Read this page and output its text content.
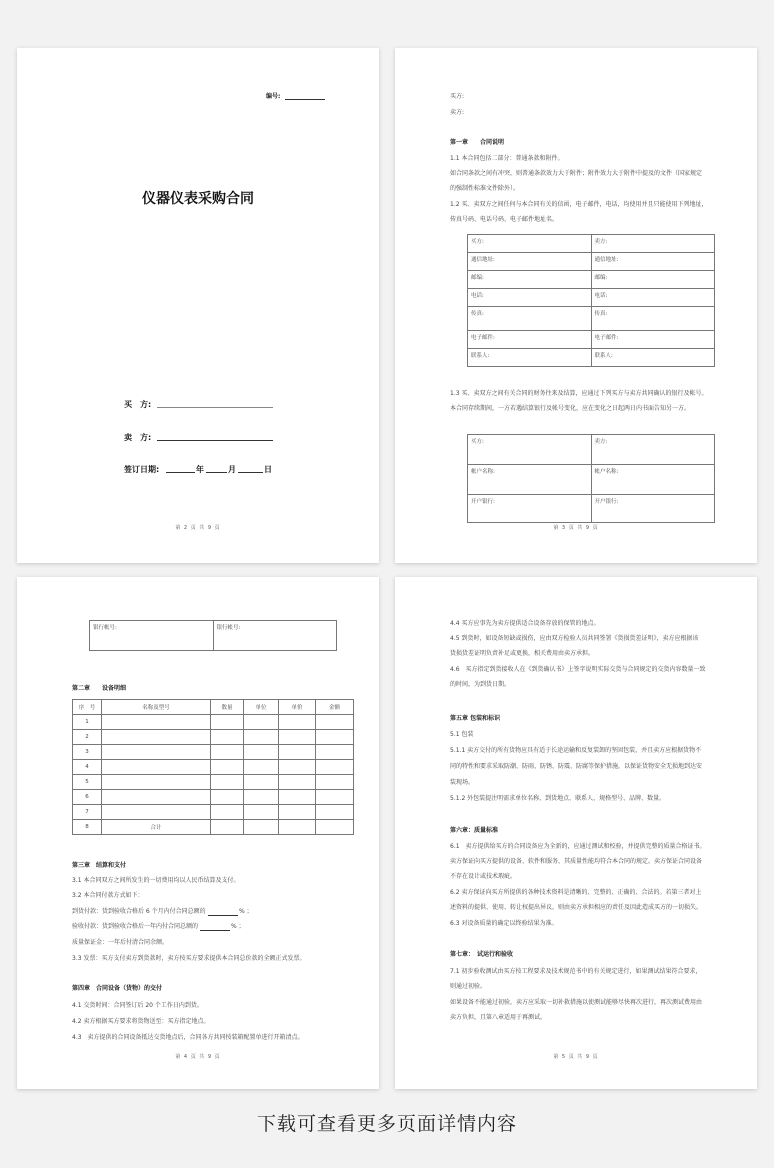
编号:
仪器仪表采购合同
买　方:
卖　方:
签订日期:	年	月	日
第 2 页 共 9 页
买方:
卖方:
第一章　　合同说明
1.1 本合同包括二部分：普通条款和附件。
如合同条款之间有冲突，则普通条款效力大于附件；附件效力大于附件中提及的文件（国家规定
的强制性标准文件除外）。
1.2 买、卖双方之间任何与本合同有关的信函，电子邮件，电话，均使用并且只能使用下列地址，
传真号码、电话号码、电子邮件地址名。
买方:	卖方:
通信地址:	通信地址:
邮编:	邮编:
电话:	电话:
传真:	传真:
电子邮件:	电子邮件:
联系人:	联系人:
1.3 买、卖双方之间有关合同的财务往来及结算，应通过下列买方与卖方共同确认的银行及帐号。
本合同存续期间，一方若遇结算银行及帐号变化，应在变化之日起两日内书面告知另一方。
买方:	卖方:
帐户名称:	帐户名称:
开户银行:	开户银行:
第 3 页 共 9 页
银行帐号:	银行帐号:
第二章　　设备明细
序　号	名称及型号	数量	单位	单价	金额
1					
2					
3					
4					
5					
6					
7					
8	合计				
第三章　结算和支付
3.1 本合同双方之间所发生的一切费用均以人民币结算及支付。
3.2 本合同付款方式如下：
到货付款：货到验收合格后 6 个月内付合同总额的	% ；
验收付款：货到验收合格后一年内付合同总额的	% ；
质量保证金：一年后付清合同余额。
3.3 发票：买方支付卖方到货款时，卖方按买方要求提供本合同总价款的全额正式发票。
第四章　合同设备（货物）的交付
4.1 交货时间：合同签订后 20 个工作日内到货。
4.2 卖方根据买方要求将货物送至：买方指定地点。
4.3　卖方提供的合同设备抵达交货地点后，合同各方共同按装箱配置单进行开箱清点。
第 4 页 共 9 页
4.4 买方应事先为卖方提供适合设备存放的保管的地点。
4.5 到货时，如设备短缺或损伤，应由双方检验人员共同签署《货损货差证明》，卖方应根据该
货损货差证明负责补足或更换，相关费用由卖方承担。
4.6　买方指定到货接收人在《到货确认书》上签字说明实际交货与合同规定的交货内容数量一致
的时间，为到货日期。
第五章 包装和标识
5.1 包装
5.1.1 卖方交付的所有货物应具有适于长途运输和反复装卸的坚固包装，并且卖方应根据货物不
同的特性和要求采取防潮、防雨、防锈、防震、防腐等保护措施，以保证货物安全无损地到达安
装现场。
5.1.2 外包装提注明需求单位名称、到货地点、联系人、规格型号、品牌、数量。
第六章：质量标准
6.1　卖方提供给买方的合同设备应为全新的，应通过测试和校验，并提供完整的质量合格证书。
卖方保证向买方提供的设备、软件和服务，其质量性能均符合本合同的规定。卖方保证合同设备
不存在设计或技术瑕疵。
6.2 卖方保证向买方所提供的各种技术资料是清晰的、完整的、正确的、合法的。若第三者对上
述资料的提供、使用、转让权提出异议，则由卖方承担相应的责任及因此造成买方的一切损失。
6.3 对设备质量的确定以终验结果为准。
第七章：　试运行和验收
7.1 初步验收测试由买方按工程要求及技术规范书中的有关规定进行，如果测试结果符合要求，
则通过初验。
如果设备不能通过初验，卖方应采取一切补救措施以使测试能够尽快再次进行，再次测试费用由
卖方负担，且第八章适用于再测试。
第 5 页 共 9 页
下载可查看更多页面详情内容
